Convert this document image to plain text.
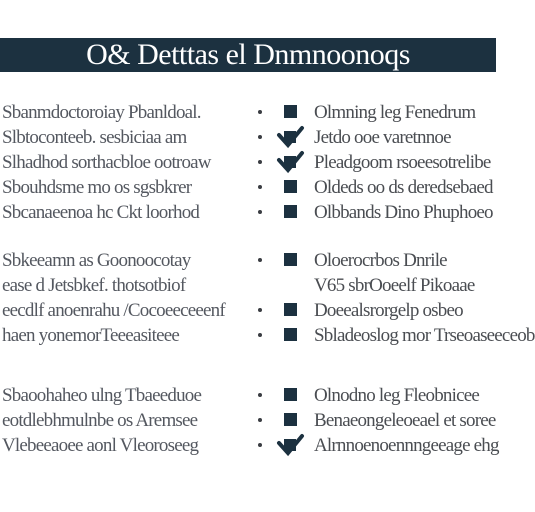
O& Detttas el Dnmnoonoqs
Sbanmdoctoroiay Pbanldoal.
Slbtoconteeb. sesbiciaa am
Slhadhod sorthacbloe ootroaw
Sbouhdsme mo os sgsbkrer
Sbcanaeenoa hc Ckt loorhod
Sbkeeamn as Goonoocotay
ease d Jetsbkef. thotsotbiof
eecdlf anoenrahu /Cocoeeceeenf
haen yonemorTeeeasiteee
Sbaoohaheo ulng Tbaeeduoe
eotdlebhmulnbe os Aremsee
Vlebeeaoee aonl Vleoroseeg
Olmning leg Fenedrum
Jetdo ooe varetnnoe
Pleadgoom rsoeesotrelibe
Oldeds oo ds deredsebaed
Olbbands Dino Phuphoeo
Oloerocrbos Dnrile
V65 sbrOoeelf Pikoaae
Doeealsrorgelp osbeo
Sbladeoslog mor Trseoaseeceob
Olnodno leg Fleobnicee
Benaeongeleoeael et soree
Alrnnoenoennngeeage ehg
